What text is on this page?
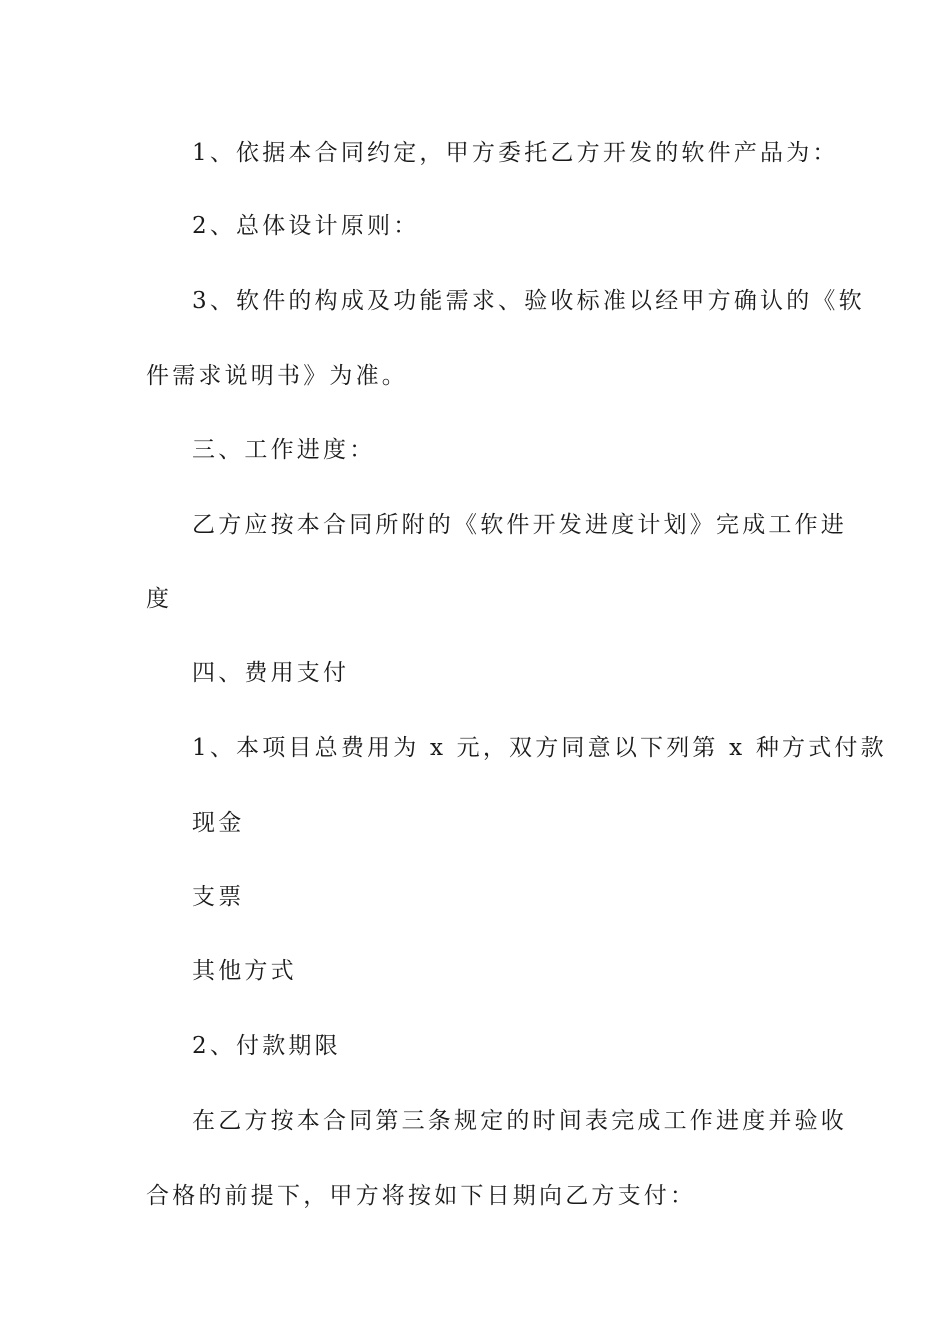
1、依据本合同约定，甲方委托乙方开发的软件产品为：
2、总体设计原则：
3、软件的构成及功能需求、验收标准以经甲方确认的《软
件需求说明书》为准。
三、工作进度：
乙方应按本合同所附的《软件开发进度计划》完成工作进
度
四、费用支付
1、本项目总费用为 x 元，双方同意以下列第 x 种方式付款
现金
支票
其他方式
2、付款期限
在乙方按本合同第三条规定的时间表完成工作进度并验收
合格的前提下，甲方将按如下日期向乙方支付：
